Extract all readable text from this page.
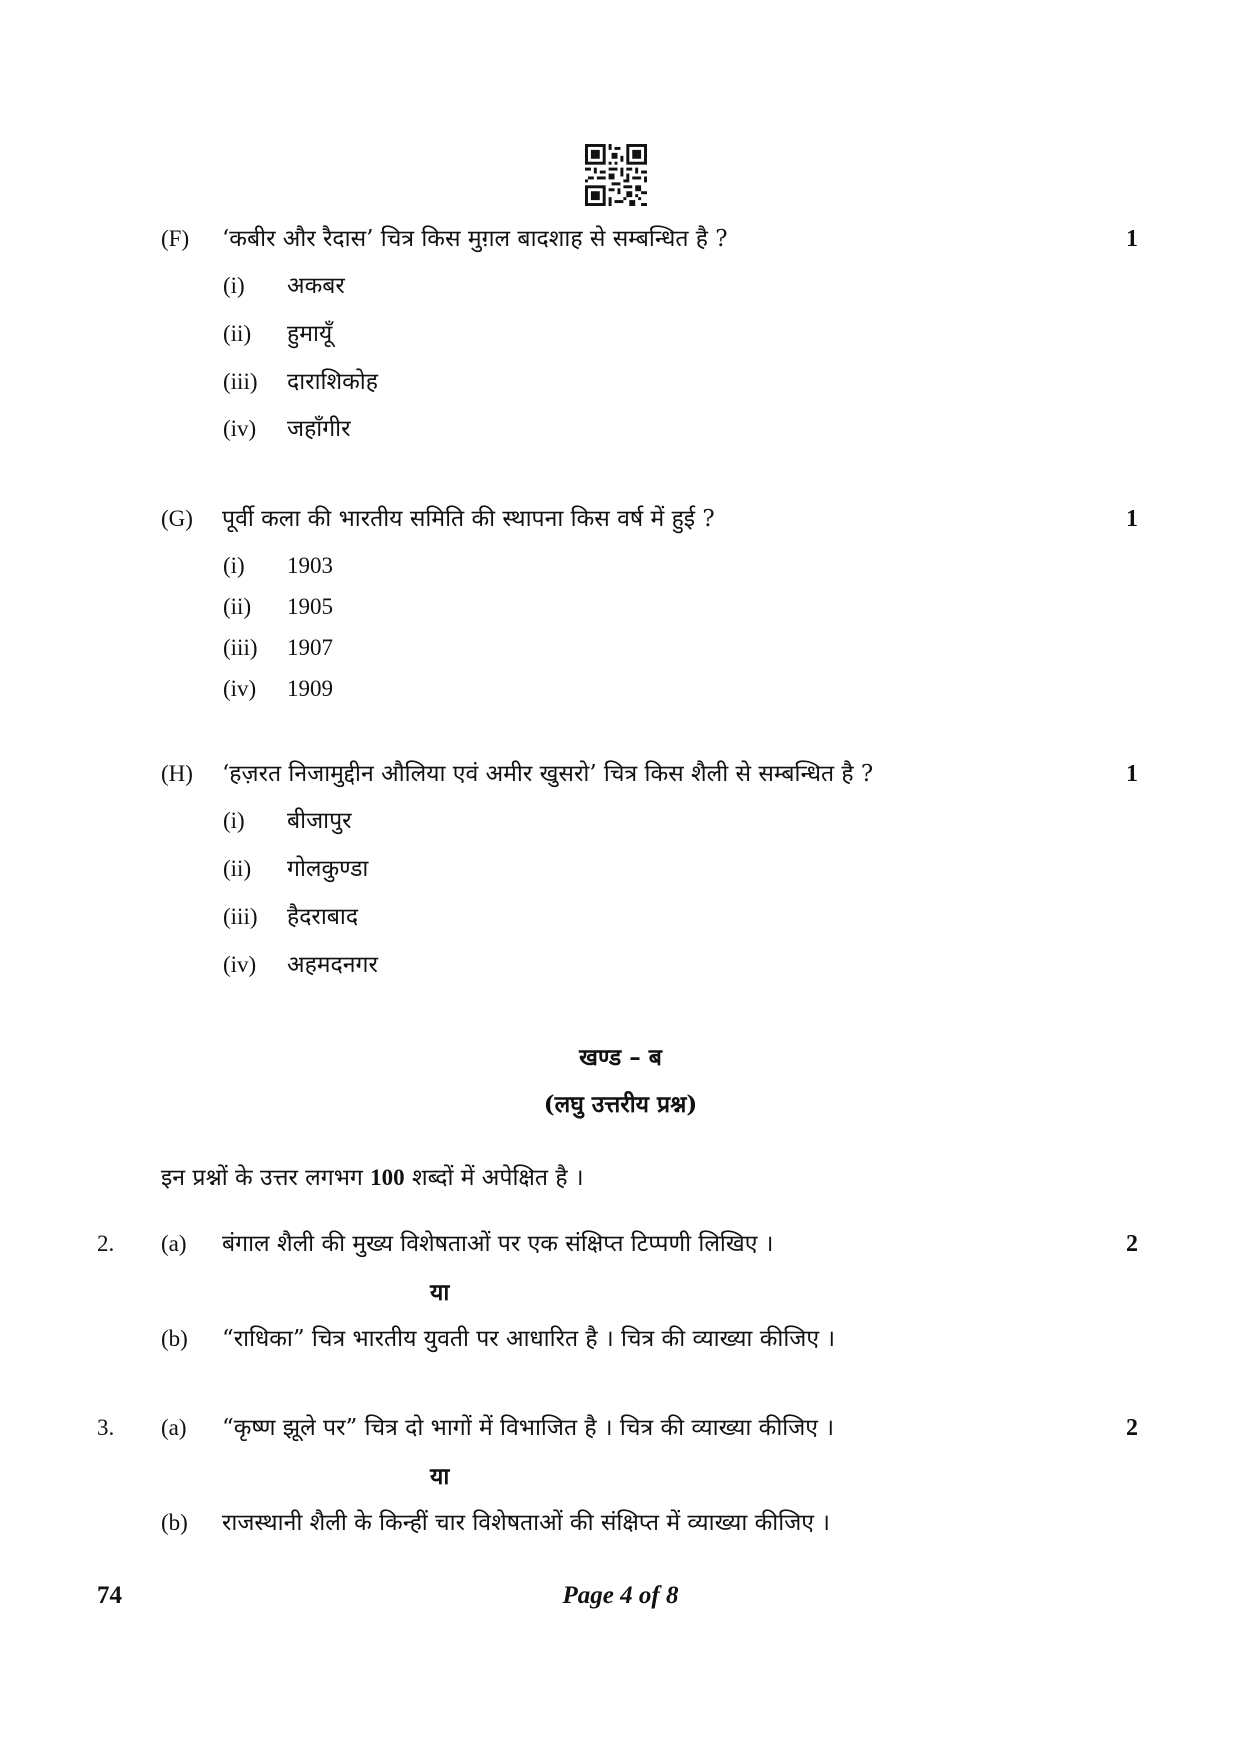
(F) ‘कबीर और रैदास’ चित्र किस मुग़ल बादशाह से सम्बन्धित है ?	1
(i) अकबर
(ii) हुमायूँ
(iii) दाराशिकोह
(iv) जहाँगीर
(G) पूर्वी कला की भारतीय समिति की स्थापना किस वर्ष में हुई ?	1
(i) 1903
(ii) 1905
(iii) 1907
(iv) 1909
(H) ‘हज़रत निजामुद्दीन औलिया एवं अमीर खुसरो’ चित्र किस शैली से सम्बन्धित है ?	1
(i) बीजापुर
(ii) गोलकुण्डा
(iii) हैदराबाद
(iv) अहमदनगर
खण्ड – ब
(लघु उत्तरीय प्रश्न)
इन प्रश्नों के उत्तर लगभग 100 शब्दों में अपेक्षित है ।
2. (a) बंगाल शैली की मुख्य विशेषताओं पर एक संक्षिप्त टिप्पणी लिखिए ।	2
या
(b) “राधिका” चित्र भारतीय युवती पर आधारित है । चित्र की व्याख्या कीजिए ।
3. (a) “कृष्ण झूले पर” चित्र दो भागों में विभाजित है । चित्र की व्याख्या कीजिए ।	2
या
(b) राजस्थानी शैली के किन्हीं चार विशेषताओं की संक्षिप्त में व्याख्या कीजिए ।
74	Page 4 of 8
